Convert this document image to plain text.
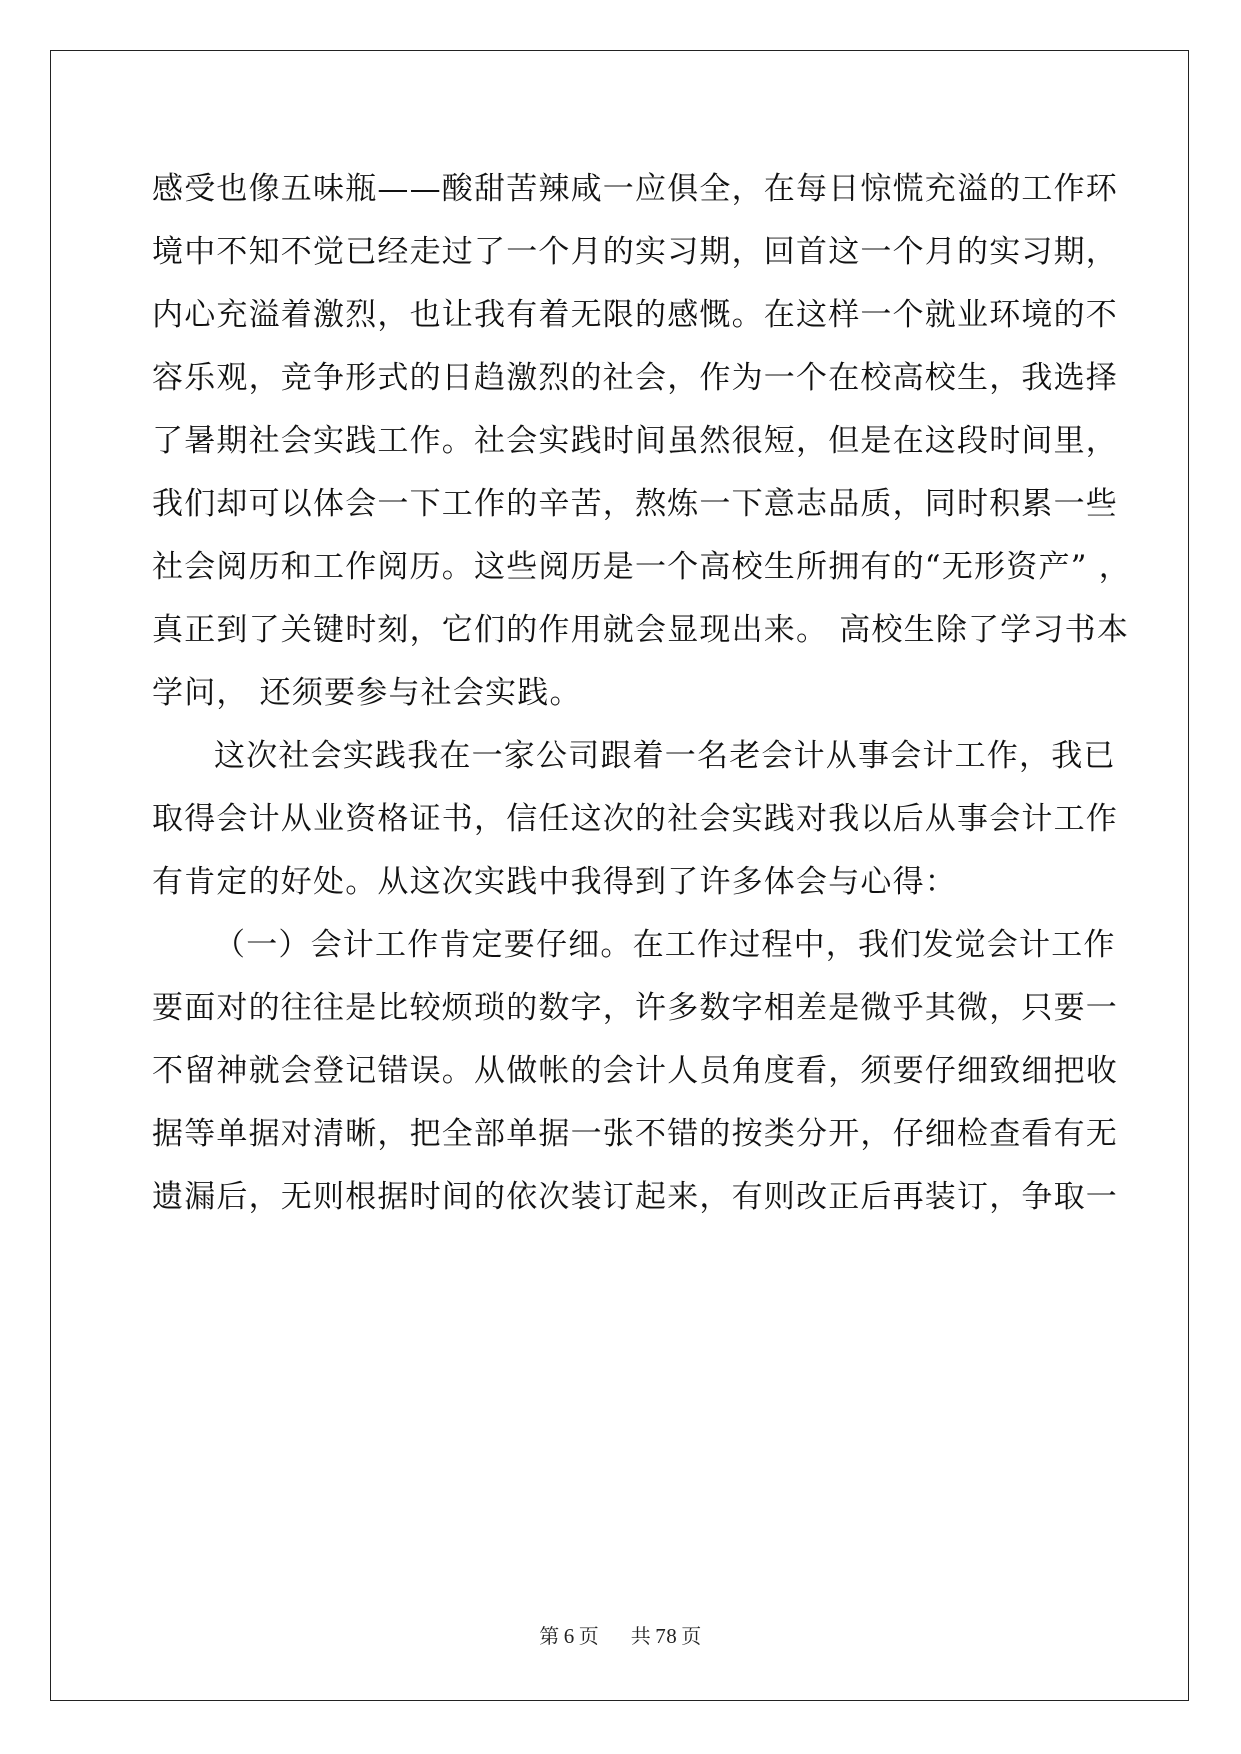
感受也像五味瓶——酸甜苦辣咸一应俱全，在每日惊慌充溢的工作环
境中不知不觉已经走过了一个月的实习期，回首这一个月的实习期，
内心充溢着激烈，也让我有着无限的感慨。在这样一个就业环境的不
容乐观，竞争形式的日趋激烈的社会，作为一个在校高校生，我选择
了暑期社会实践工作。社会实践时间虽然很短，但是在这段时间里，
我们却可以体会一下工作的辛苦，熬炼一下意志品质，同时积累一些
社会阅历和工作阅历。这些阅历是一个高校生所拥有的“无形资产” ，
真正到了关键时刻，它们的作用就会显现出来。 高校生除了学习书本
学问， 还须要参与社会实践。
这次社会实践我在一家公司跟着一名老会计从事会计工作，我已
取得会计从业资格证书，信任这次的社会实践对我以后从事会计工作
有肯定的好处。从这次实践中我得到了许多体会与心得：
（一）会计工作肯定要仔细。在工作过程中，我们发觉会计工作
要面对的往往是比较烦琐的数字，许多数字相差是微乎其微，只要一
不留神就会登记错误。从做帐的会计人员角度看，须要仔细致细把收
据等单据对清晰，把全部单据一张不错的按类分开，仔细检查看有无
遗漏后，无则根据时间的依次装订起来，有则改正后再装订，争取一
第 6 页 共 78 页
